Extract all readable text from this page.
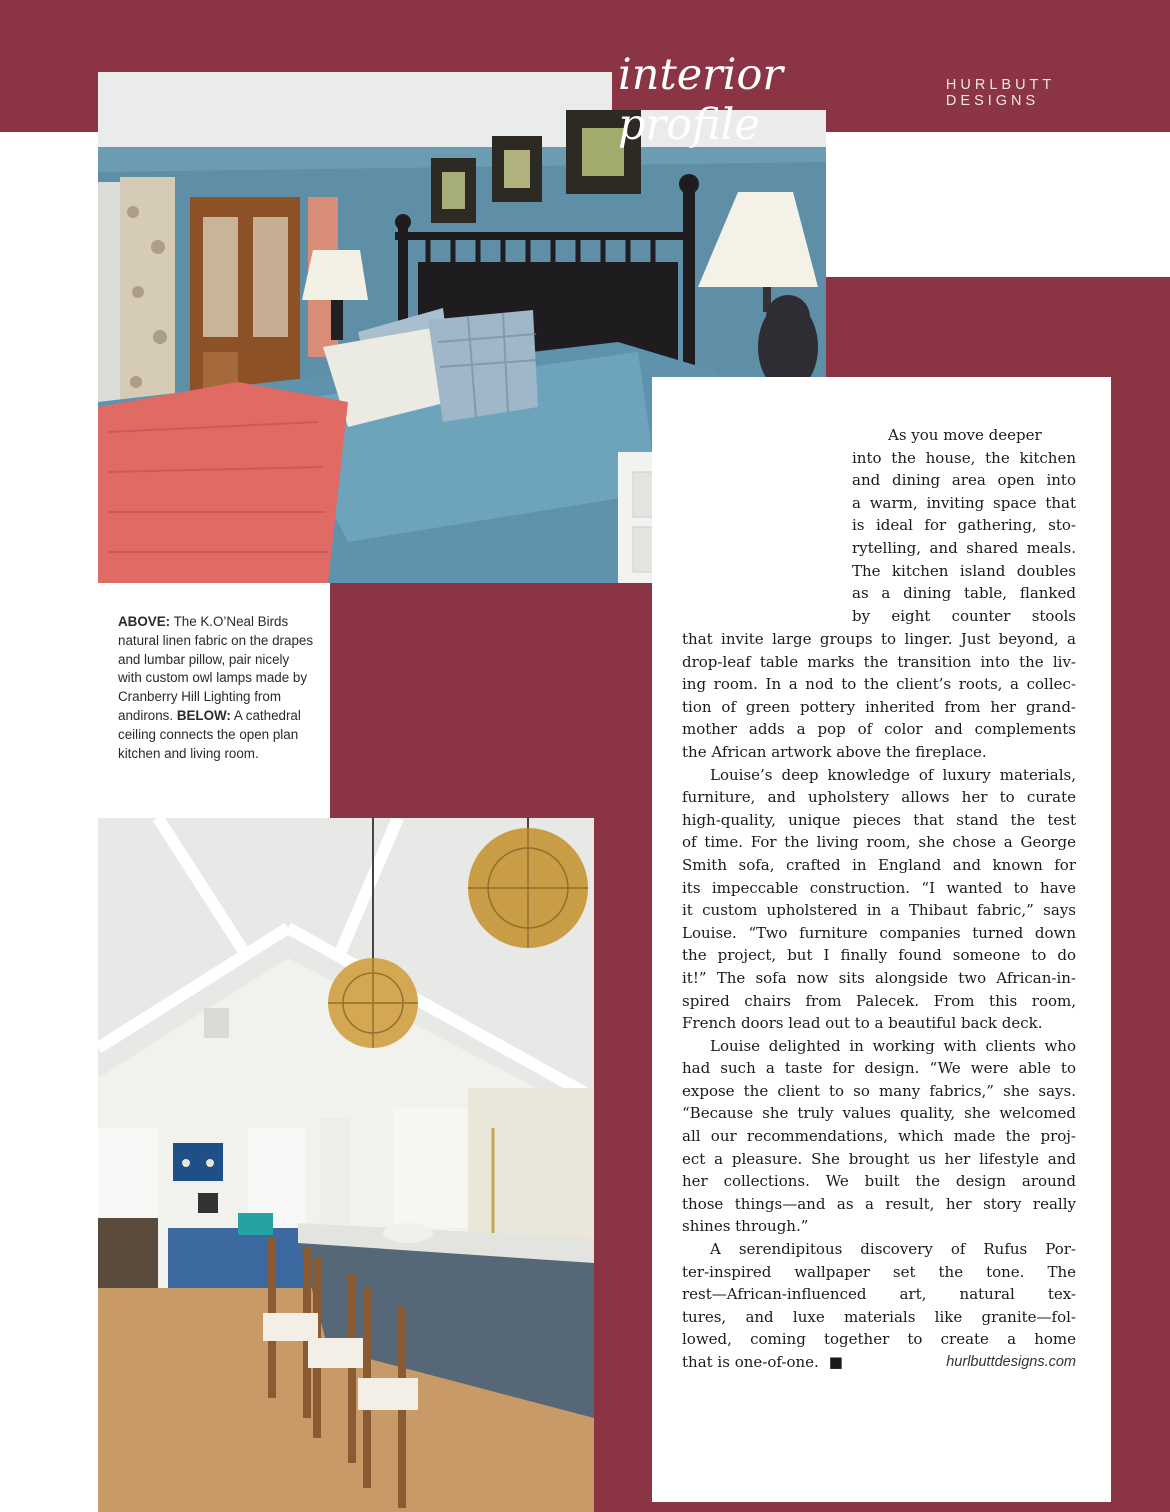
interior profile
HURLBUTT DESIGNS
ABOVE: The K.O’Neal Birds natural linen fabric on the drapes and lumbar pillow, pair nicely with custom owl lamps made by Cranberry Hill Lighting from andirons. BELOW: A cathedral ceiling connects the open plan kitchen and living room.
As you move deeper
into the house, the kitchen
and dining area open into
a warm, inviting space that
is ideal for gathering, sto-
rytelling, and shared meals.
The kitchen island doubles
as a dining table, flanked
by eight counter stools
that invite large groups to linger. Just beyond, a
drop-leaf table marks the transition into the liv-
ing room. In a nod to the client’s roots, a collec-
tion of green pottery inherited from her grand-
mother adds a pop of color and complements
the African artwork above the fireplace.
Louise’s deep knowledge of luxury materials,
furniture, and upholstery allows her to curate
high-quality, unique pieces that stand the test
of time. For the living room, she chose a George
Smith sofa, crafted in England and known for
its impeccable construction. “I wanted to have
it custom upholstered in a Thibaut fabric,” says
Louise. “Two furniture companies turned down
the project, but I finally found someone to do
it!” The sofa now sits alongside two African-in-
spired chairs from Palecek. From this room,
French doors lead out to a beautiful back deck.
Louise delighted in working with clients who
had such a taste for design. “We were able to
expose the client to so many fabrics,” she says.
“Because she truly values quality, she welcomed
all our recommendations, which made the proj-
ect a pleasure. She brought us her lifestyle and
her collections. We built the design around
those things—and as a result, her story really
shines through.”
A serendipitous discovery of Rufus Por-
ter-inspired wallpaper set the tone. The
rest—African-influenced art, natural tex-
tures, and luxe materials like granite—fol-
lowed, coming together to create a home
that is one-of-one. ■	hurlbuttdesigns.com
